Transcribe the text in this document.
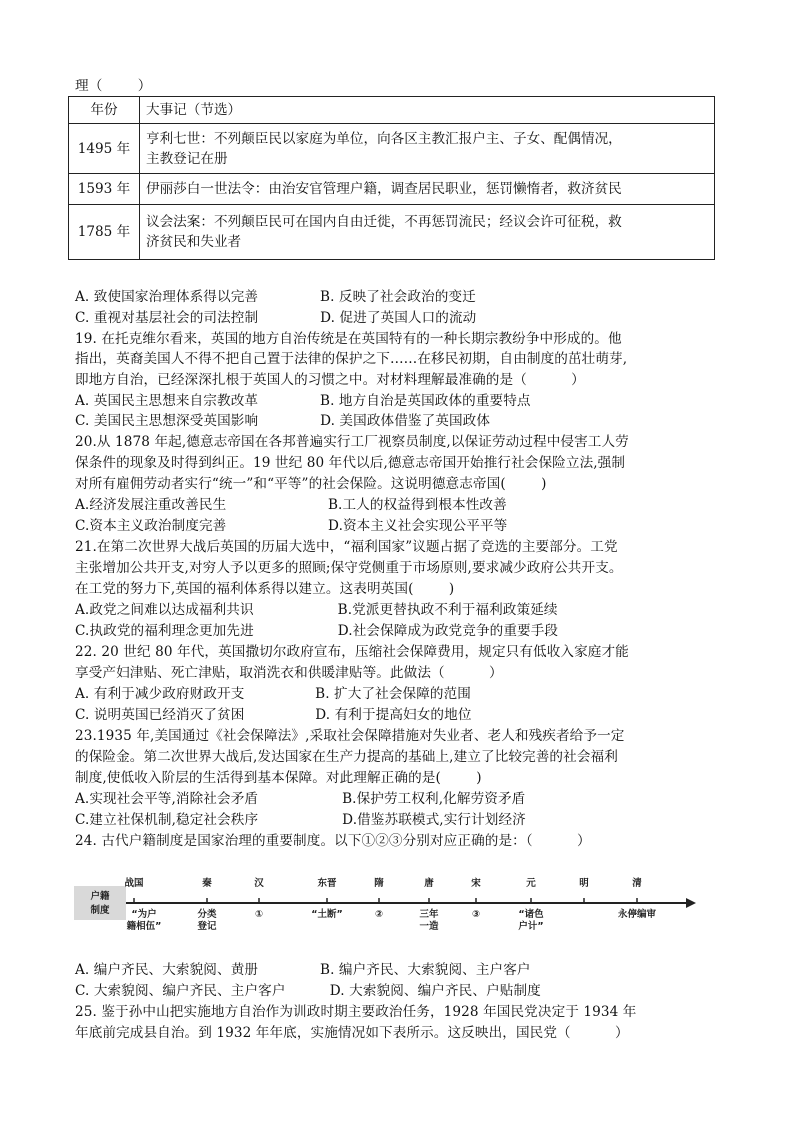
理（        ）
年份	大事记（节选）
1495 年	亨利七世：不列颠臣民以家庭为单位，向各区主教汇报户主、子女、配偶情况，
主教登记在册
1593 年	伊丽莎白一世法令：由治安官管理户籍，调查居民职业，惩罚懒惰者，救济贫民
1785 年	议会法案：不列颠臣民可在国内自由迁徙，不再惩罚流民；经议会许可征税，救
济贫民和失业者
A. 致使国家治理体系得以完善              B. 反映了社会政治的变迁
C. 重视对基层社会的司法控制              D. 促进了英国人口的流动
19. 在托克维尔看来，英国的地方自治传统是在英国特有的一种长期宗教纷争中形成的。他
指出，英裔美国人不得不把自己置于法律的保护之下……在移民初期，自由制度的茁壮萌芽,
即地方自治，已经深深扎根于英国人的习惯之中。对材料理解最准确的是（          ）
A. 英国民主思想来自宗教改革              B. 地方自治是英国政体的重要特点
C. 美国民主思想深受英国影响              D. 美国政体借鉴了英国政体
20.从 1878 年起,德意志帝国在各邦普遍实行工厂视察员制度,以保证劳动过程中侵害工人劳
保条件的现象及时得到纠正。19 世纪 80 年代以后,德意志帝国开始推行社会保险立法,强制
对所有雇佣劳动者实行“统一”和“平等”的社会保险。这说明德意志帝国(        )
A.经济发展注重改善民生                       B.工人的权益得到根本性改善
C.资本主义政治制度完善                       D.资本主义社会实现公平平等
21.在第二次世界大战后英国的历届大选中，“福利国家”议题占据了竞选的主要部分。工党
主张增加公共开支,对穷人予以更多的照顾;保守党侧重于市场原则,要求减少政府公共开支。
在工党的努力下,英国的福利体系得以建立。这表明英国(        )
A.政党之间难以达成福利共识                   B.党派更替执政不利于福利政策延续
C.执政党的福利理念更加先进                   D.社会保障成为政党竞争的重要手段
22. 20 世纪 80 年代，英国撒切尔政府宣布，压缩社会保障费用，规定只有低收入家庭才能
享受产妇津贴、死亡津贴，取消洗衣和供暖津贴等。此做法（          ）
A. 有利于减少政府财政开支                B. 扩大了社会保障的范围
C. 说明英国已经消灭了贫困                D. 有利于提高妇女的地位
23.1935 年,美国通过《社会保障法》,采取社会保障措施对失业者、老人和残疾者给予一定
的保险金。第二次世界大战后,发达国家在生产力提高的基础上,建立了比较完善的社会福利
制度,使低收入阶层的生活得到基本保障。对此理解正确的是(        )
A.实现社会平等,消除社会矛盾                   B.保护劳工权利,化解劳资矛盾
C.建立社保机制,稳定社会秩序                   D.借鉴苏联模式,实行计划经济
24. 古代户籍制度是国家治理的重要制度。以下①②③分别对应正确的是：（          ）
户籍
制度
战国	秦	汉	东晋	隋	唐	宋	元	明	清
“为户
籍相伍”
分类
登记
①	“土断”	②	三年
一造
③	“诸色
户计”
永停编审
A. 编户齐民、大索貌阅、黄册              B. 编户齐民、大索貌阅、主户客户
C. 大索貌阅、编户齐民、主户客户          D. 大索貌阅、编户齐民、户贴制度
25. 鉴于孙中山把实施地方自治作为训政时期主要政治任务，1928 年国民党决定于 1934 年
年底前完成县自治。到 1932 年年底，实施情况如下表所示。这反映出，国民党（          ）
